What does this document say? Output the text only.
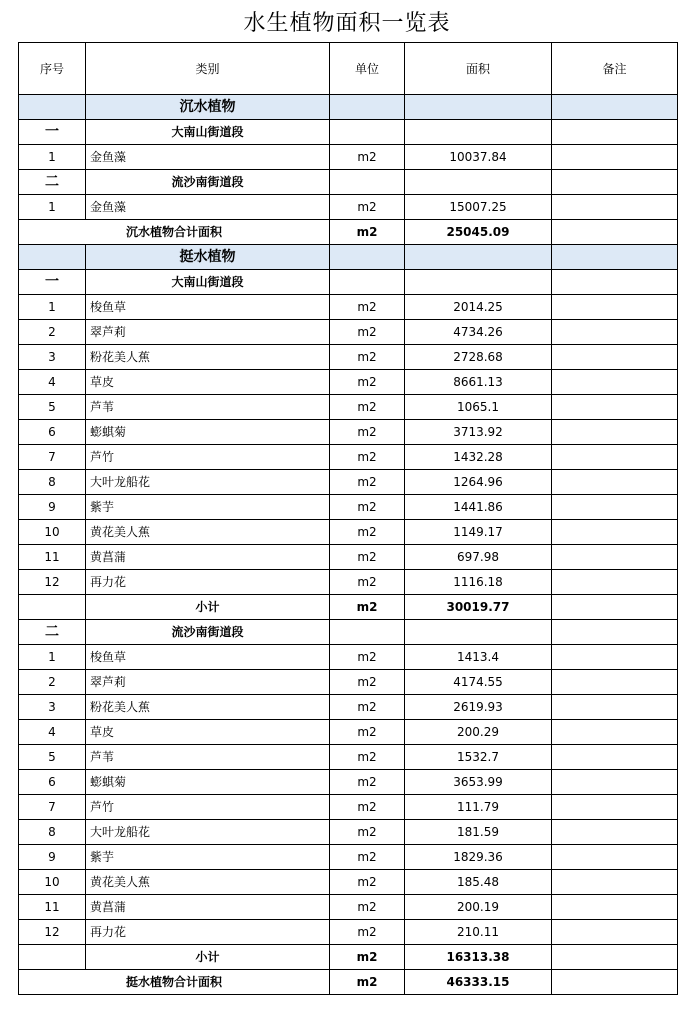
水生植物面积一览表
序号	类别	单位	面积	备注
	沉水植物			
一	大南山街道段			
1	金鱼藻	m2	10037.84	
二	流沙南街道段			
1	金鱼藻	m2	15007.25	
沉水植物合计面积		m2	25045.09	
	挺水植物			
一	大南山街道段			
1	梭鱼草	m2	2014.25	
2	翠芦莉	m2	4734.26	
3	粉花美人蕉	m2	2728.68	
4	草皮	m2	8661.13	
5	芦苇	m2	1065.1	
6	蟛蜞菊	m2	3713.92	
7	芦竹	m2	1432.28	
8	大叶龙船花	m2	1264.96	
9	紫芋	m2	1441.86	
10	黄花美人蕉	m2	1149.17	
11	黄菖蒲	m2	697.98	
12	再力花	m2	1116.18	
	小计	m2	30019.77	
二	流沙南街道段			
1	梭鱼草	m2	1413.4	
2	翠芦莉	m2	4174.55	
3	粉花美人蕉	m2	2619.93	
4	草皮	m2	200.29	
5	芦苇	m2	1532.7	
6	蟛蜞菊	m2	3653.99	
7	芦竹	m2	111.79	
8	大叶龙船花	m2	181.59	
9	紫芋	m2	1829.36	
10	黄花美人蕉	m2	185.48	
11	黄菖蒲	m2	200.19	
12	再力花	m2	210.11	
	小计	m2	16313.38	
挺水植物合计面积		m2	46333.15	
